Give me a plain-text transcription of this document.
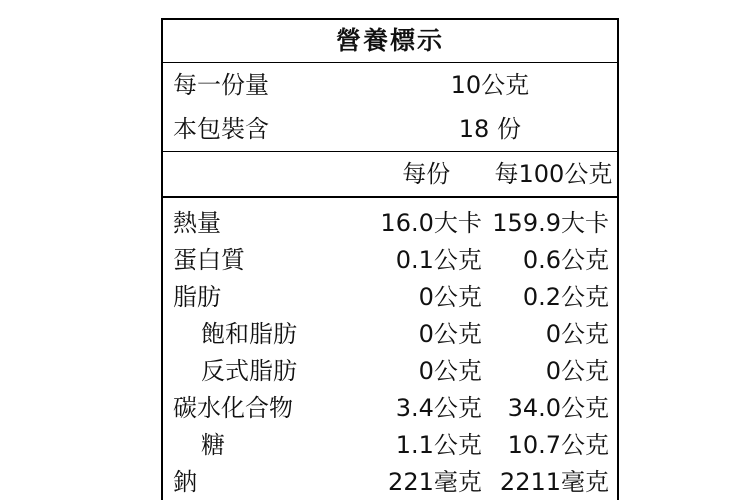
營養標示		
每一份量	10公克	
本包裝含	18 份	
	每份	每100公克

熱量	16.0大卡	159.9大卡
蛋白質	0.1公克	0.6公克
脂肪	0公克	0.2公克
飽和脂肪	0公克	0公克
反式脂肪	0公克	0公克
碳水化合物	3.4公克	34.0公克
糖	1.1公克	10.7公克
鈉	221毫克	2211毫克
